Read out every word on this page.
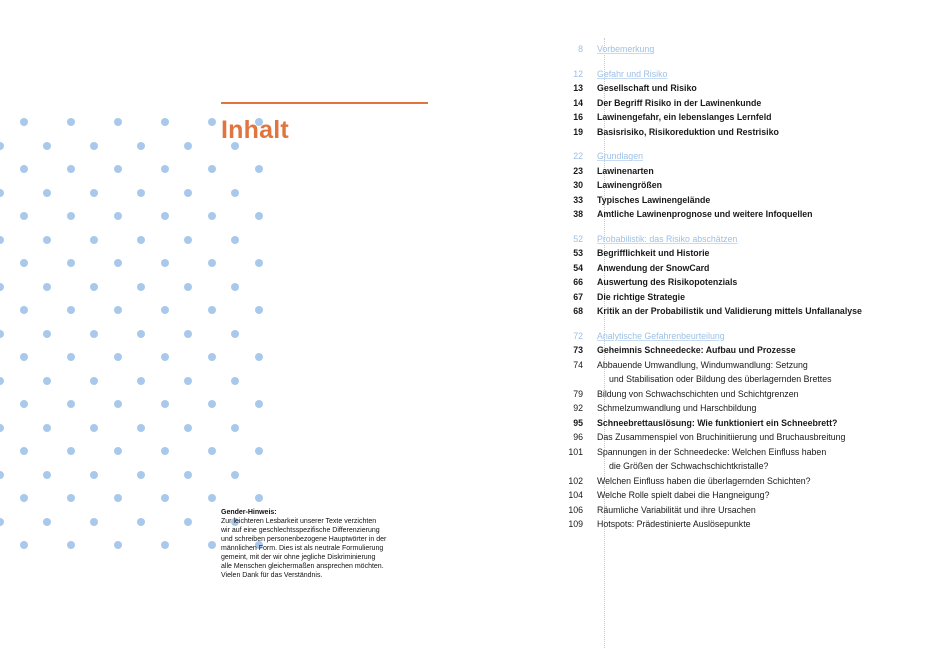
Inhalt
Gender-Hinweis:
Zur leichteren Lesbarkeit unserer Texte verzichten
wir auf eine geschlechtsspezifische Differenzierung
und schreiben personenbezogene Hauptwörter in der
männlichen Form. Dies ist als neutrale Formulierung
gemeint, mit der wir ohne jegliche Diskriminierung
alle Menschen gleichermaßen ansprechen möchten.
Vielen Dank für das Verständnis.
8	Vorbemerkung
12	Gefahr und Risiko
13	Gesellschaft und Risiko
14	Der Begriff Risiko in der Lawinenkunde
16	Lawinengefahr, ein lebenslanges Lernfeld
19	Basisrisiko, Risikoreduktion und Restrisiko
22	Grundlagen
23	Lawinenarten
30	Lawinengrößen
33	Typisches Lawinengelände
38	Amtliche Lawinenprognose und weitere Infoquellen
52	Probabilistik: das Risiko abschätzen
53	Begrifflichkeit und Historie
54	Anwendung der SnowCard
66	Auswertung des Risikopotenzials
67	Die richtige Strategie
68	Kritik an der Probabilistik und Validierung mittels Unfallanalyse
72	Analytische Gefahrenbeurteilung
73	Geheimnis Schneedecke: Aufbau und Prozesse
74	Abbauende Umwandlung, Windumwandlung: Setzung
und Stabilisation oder Bildung des überlagernden Brettes
79	Bildung von Schwachschichten und Schichtgrenzen
92	Schmelzumwandlung und Harschbildung
95	Schneebrettauslösung: Wie funktioniert ein Schneebrett?
96	Das Zusammenspiel von Bruchinitiierung und Bruchausbreitung
101	Spannungen in der Schneedecke: Welchen Einfluss haben
die Größen der Schwachschichtkristalle?
102	Welchen Einfluss haben die überlagernden Schichten?
104	Welche Rolle spielt dabei die Hangneigung?
106	Räumliche Variabilität und ihre Ursachen
109	Hotspots: Prädestinierte Auslösepunkte
